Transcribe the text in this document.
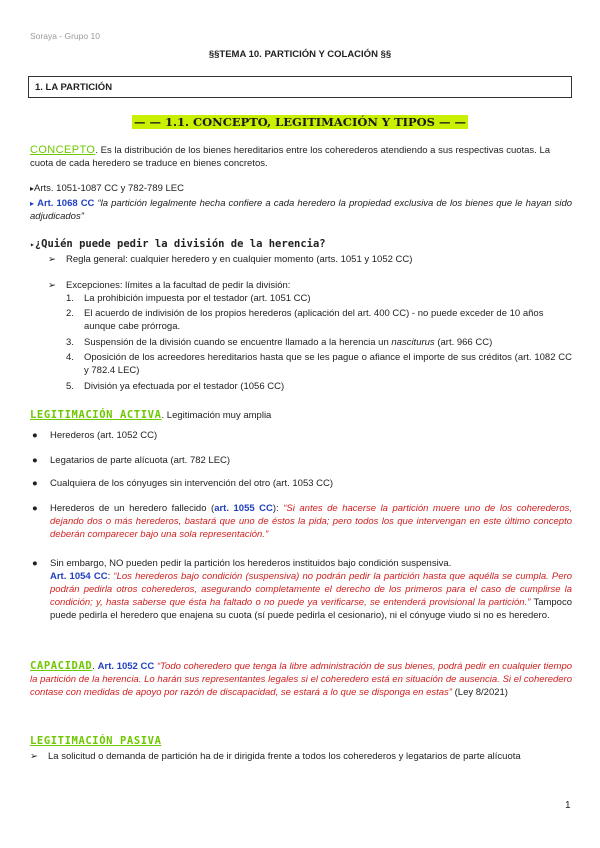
Soraya - Grupo 10
§§TEMA 10. PARTICIÓN Y COLACIÓN §§
1. LA PARTICIÓN
— — 1.1. CONCEPTO, LEGITIMACIÓN Y TIPOS — —
CONCEPTO. Es la distribución de los bienes hereditarios entre los coherederos atendiendo a sus respectivas cuotas. La cuota de cada heredero se traduce en bienes concretos.
▸Arts. 1051-1087 CC y 782-789 LEC
▸ Art. 1068 CC “la partición legalmente hecha confiere a cada heredero la propiedad exclusiva de los bienes que le hayan sido adjudicados”
▸¿Quién puede pedir la división de la herencia?
➢ Regla general: cualquier heredero y en cualquier momento (arts. 1051 y 1052 CC)
➢ Excepciones: límites a la facultad de pedir la división:
1. La prohibición impuesta por el testador (art. 1051 CC)
2. El acuerdo de indivisión de los propios herederos (aplicación del art. 400 CC) - no puede exceder de 10 años aunque cabe prórroga.
3. Suspensión de la división cuando se encuentre llamado a la herencia un nasciturus (art. 966 CC)
4. Oposición de los acreedores hereditarios hasta que se les pague o afiance el importe de sus créditos (art. 1082 CC y 782.4 LEC)
5. División ya efectuada por el testador (1056 CC)
LEGITIMACIÓN ACTIVA. Legitimación muy amplia
● Herederos (art. 1052 CC)
● Legatarios de parte alícuota (art. 782 LEC)
● Cualquiera de los cónyuges sin intervención del otro (art. 1053 CC)
● Herederos de un heredero fallecido (art. 1055 CC): “Si antes de hacerse la partición muere uno de los coherederos, dejando dos o más herederos, bastará que uno de éstos la pida; pero todos los que intervengan en este último concepto deberán comparecer bajo una sola representación.”
● Sin embargo, NO pueden pedir la partición los herederos instituidos bajo condición suspensiva.
Art. 1054 CC: “Los herederos bajo condición (suspensiva) no podrán pedir la partición hasta que aquélla se cumpla. Pero podrán pedirla otros coherederos, asegurando completamente el derecho de los primeros para el caso de cumplirse la condición; y, hasta saberse que ésta ha faltado o no puede ya verificarse, se entenderá provisional la partición.” Tampoco puede pedirla el heredero que enajena su cuota (sí puede pedirla el cesionario), ni el cónyuge viudo si no es heredero.
CAPACIDAD. Art. 1052 CC “Todo coheredero que tenga la libre administración de sus bienes, podrá pedir en cualquier tiempo la partición de la herencia. Lo harán sus representantes legales si el coheredero está en situación de ausencia. Si el coheredero contase con medidas de apoyo por razón de discapacidad, se estará a lo que se disponga en estas” (Ley 8/2021)
LEGITIMACIÓN PASIVA
➢ La solicitud o demanda de partición ha de ir dirigida frente a todos los coherederos y legatarios de parte alícuota
1
